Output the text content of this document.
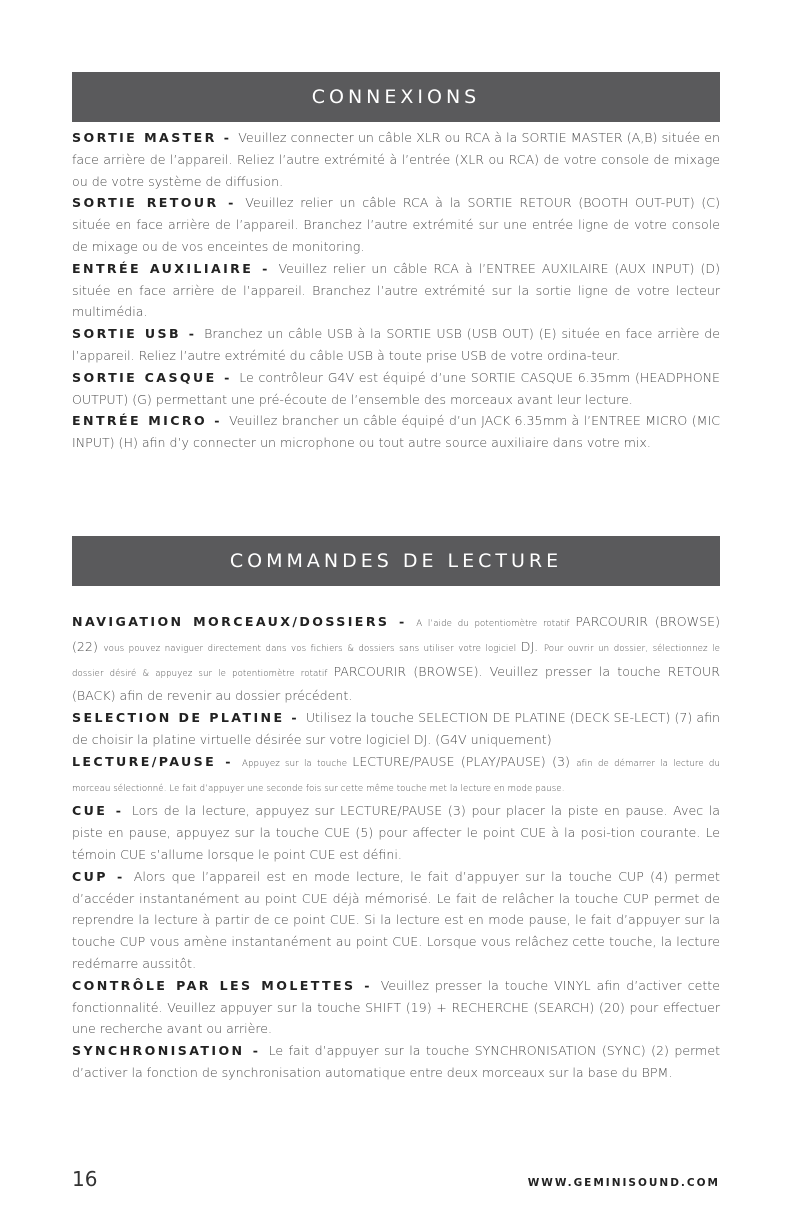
CONNEXIONS
SORTIE MASTER - Veuillez connecter un câble XLR ou RCA à la SORTIE MASTER (A,B) située en face arrière de l’appareil. Reliez l’autre extrémité à l’entrée (XLR ou RCA) de votre console de mixage ou de votre système de diffusion.
SORTIE RETOUR - Veuillez relier un câble RCA à la SORTIE RETOUR (BOOTH OUT-PUT) (C) située en face arrière de l’appareil. Branchez l’autre extrémité sur une entrée ligne de votre console de mixage ou de vos enceintes de monitoring.
ENTRÉE AUXILIAIRE - Veuillez relier un câble RCA à l’ENTREE AUXILAIRE (AUX INPUT) (D) située en face arrière de l’appareil. Branchez l’autre extrémité sur la sortie ligne de votre lecteur multimédia.
SORTIE USB - Branchez un câble USB à la SORTIE USB (USB OUT) (E) située en face arrière de l’appareil. Reliez l’autre extrémité du câble USB à toute prise USB de votre ordina-teur.
SORTIE CASQUE - Le contrôleur G4V est équipé d’une SORTIE CASQUE 6.35mm (HEADPHONE OUTPUT) (G) permettant une pré-écoute de l’ensemble des morceaux avant leur lecture.
ENTRÉE MICRO - Veuillez brancher un câble équipé d’un JACK 6.35mm à l’ENTREE MICRO (MIC INPUT) (H) afin d’y connecter un microphone ou tout autre source auxiliaire dans votre mix.
COMMANDES DE LECTURE
NAVIGATION MORCEAUX/DOSSIERS - A l’aide du potentiomètre rotatif PARCOURIR (BROWSE) (22) vous pouvez naviguer directement dans vos fichiers & dossiers sans utiliser votre logiciel DJ. Pour ouvrir un dossier, sélectionnez le dossier désiré & appuyez sur le potentiomètre rotatif PARCOURIR (BROWSE). Veuillez presser la touche RETOUR (BACK) afin de revenir au dossier précédent.
SELECTION DE PLATINE - Utilisez la touche SELECTION DE PLATINE (DECK SE-LECT) (7) afin de choisir la platine virtuelle désirée sur votre logiciel DJ. (G4V uniquement)
LECTURE/PAUSE - Appuyez sur la touche LECTURE/PAUSE (PLAY/PAUSE) (3) afin de démarrer la lecture du morceau sélectionné. Le fait d’appuyer une seconde fois sur cette même touche met la lecture en mode pause.
CUE - Lors de la lecture, appuyez sur LECTURE/PAUSE (3) pour placer la piste en pause. Avec la piste en pause, appuyez sur la touche CUE (5) pour affecter le point CUE à la posi-tion courante. Le témoin CUE s’allume lorsque le point CUE est défini.
CUP - Alors que l’appareil est en mode lecture, le fait d’appuyer sur la touche CUP (4) permet d’accéder instantanément au point CUE déjà mémorisé. Le fait de relâcher la touche CUP permet de reprendre la lecture à partir de ce point CUE. Si la lecture est en mode pause, le fait d’appuyer sur la touche CUP vous amène instantanément au point CUE. Lorsque vous relâchez cette touche, la lecture redémarre aussitôt.
CONTRÔLE PAR LES MOLETTES - Veuillez presser la touche VINYL afin d’activer cette fonctionnalité. Veuillez appuyer sur la touche SHIFT (19) + RECHERCHE (SEARCH) (20) pour effectuer une recherche avant ou arrière.
SYNCHRONISATION - Le fait d’appuyer sur la touche SYNCHRONISATION (SYNC) (2) permet d’activer la fonction de synchronisation automatique entre deux morceaux sur la base du BPM.
16	WWW.GEMINISOUND.COM
